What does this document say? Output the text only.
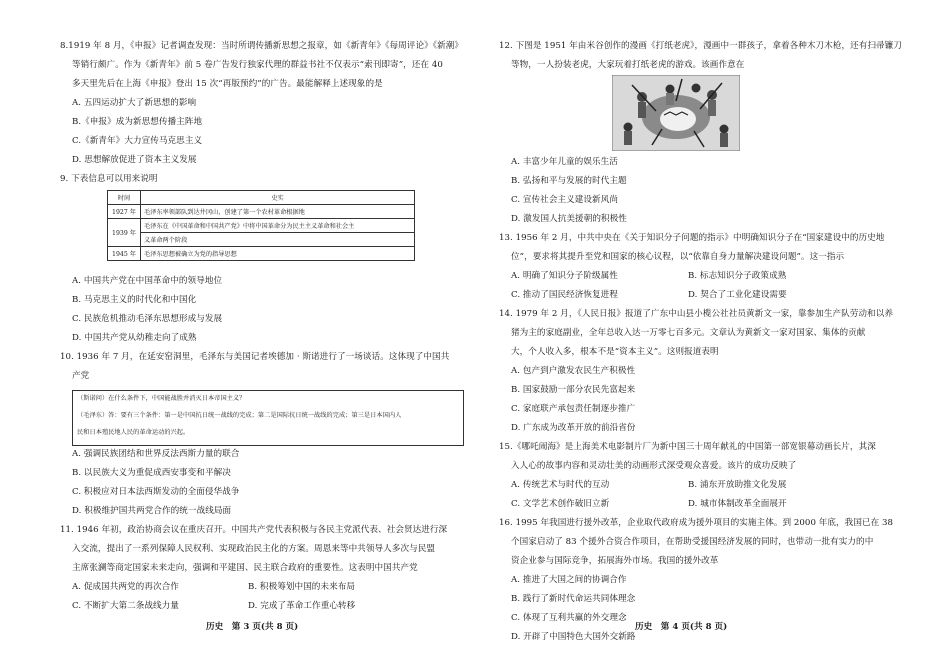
8.1919 年 8 月，《申报》记者调查发现：当时所谓传播新思想之报章，如《新青年》《每周评论》《新潮》
等销行颇广。作为《新青年》前 5 卷广告发行独家代理的群益书社不仅表示“索刊即寄”，还在 40
多天里先后在上海《申报》登出 15 次“再版预约”的广告。最能解释上述现象的是
A. 五四运动扩大了新思想的影响
B.《申报》成为新思想传播主阵地
C.《新青年》大力宣传马克思主义
D. 思想解放促进了资本主义发展
9. 下表信息可以用来说明
时间	史实
1927 年	毛泽东率领部队到达井冈山，创建了第一个农村革命根据地
1939 年	毛泽东在《中国革命和中国共产党》中将中国革命分为民主主义革命和社会主
	义革命两个阶段
1945 年	毛泽东思想被确立为党的指导思想
A. 中国共产党在中国革命中的领导地位
B. 马克思主义的时代化和中国化
C. 民族危机推动毛泽东思想形成与发展
D. 中国共产党从幼稚走向了成熟
10. 1936 年 7 月，在延安窑洞里，毛泽东与美国记者埃德加 · 斯诺进行了一场谈话。这体现了中国共
产党
（斯诺问）在什么条件下，中国能战胜并消灭日本帝国主义？
（毛泽东）答：要有三个条件：第一是中国抗日统一战线的完成；第二是国际抗日统一战线的完成；第三是日本国内人
民和日本殖民地人民的革命运动的兴起。
A. 强调民族团结和世界反法西斯力量的联合
B. 以民族大义为重促成西安事变和平解决
C. 积极应对日本法西斯发动的全面侵华战争
D. 积极维护国共两党合作的统一战线局面
11. 1946 年初，政治协商会议在重庆召开。中国共产党代表积极与各民主党派代表、社会贤达进行深
入交流，提出了一系列保障人民权利、实现政治民主化的方案。周恩来等中共领导人多次与民盟
主席张澜等商定国家未来走向，强调和平建国、民主联合政府的重要性。这表明中国共产党
A. 促成国共两党的再次合作	B. 积极筹划中国的未来布局
C. 不断扩大第二条战线力量	D. 完成了革命工作重心转移
历史　第 3 页(共 8 页)
12. 下图是 1951 年由米谷创作的漫画《打纸老虎》，漫画中一群孩子，拿着各种木刀木枪，还有扫帚镰刀
等物，一人扮装老虎，大家玩着打纸老虎的游戏。该画作意在
A. 丰富少年儿童的娱乐生活
B. 弘扬和平与发展的时代主题
C. 宣传社会主义建设新风尚
D. 激发国人抗美援朝的积极性
13. 1956 年 2 月，中共中央在《关于知识分子问题的指示》中明确知识分子在“国家建设中的历史地
位”，要求将其提升至党和国家的核心议程，以“依靠自身力量解决建设问题”。这一指示
A. 明确了知识分子阶级属性	B. 标志知识分子政策成熟
C. 推动了国民经济恢复进程	D. 契合了工业化建设需要
14. 1979 年 2 月，《人民日报》报道了广东中山县小榄公社社员黄新文一家，靠参加生产队劳动和以养
猪为主的家庭副业，全年总收入达一万零七百多元。文章认为黄新文一家对国家、集体的贡献
大，个人收入多，根本不是“资本主义”。这则报道表明
A. 包产到户激发农民生产积极性
B. 国家鼓励一部分农民先富起来
C. 家庭联产承包责任制逐步推广
D. 广东成为改革开放的前沿省份
15.《哪吒闹海》是上海美术电影制片厂为新中国三十周年献礼的中国第一部宽银幕动画长片，其深
入人心的故事内容和灵动壮美的动画形式深受观众喜爱。该片的成功反映了
A. 传统艺术与时代的互动	B. 浦东开放助推文化发展
C. 文学艺术创作破旧立新	D. 城市体制改革全面展开
16. 1995 年我国进行援外改革，企业取代政府成为援外项目的实施主体。到 2000 年底，我国已在 38
个国家启动了 83 个援外合资合作项目，在帮助受援国经济发展的同时，也带动一批有实力的中
资企业参与国际竞争，拓展海外市场。我国的援外改革
A. 推进了大国之间的协调合作
B. 践行了新时代命运共同体理念
C. 体现了互利共赢的外交理念
D. 开辟了中国特色大国外交新路
历史　第 4 页(共 8 页)
